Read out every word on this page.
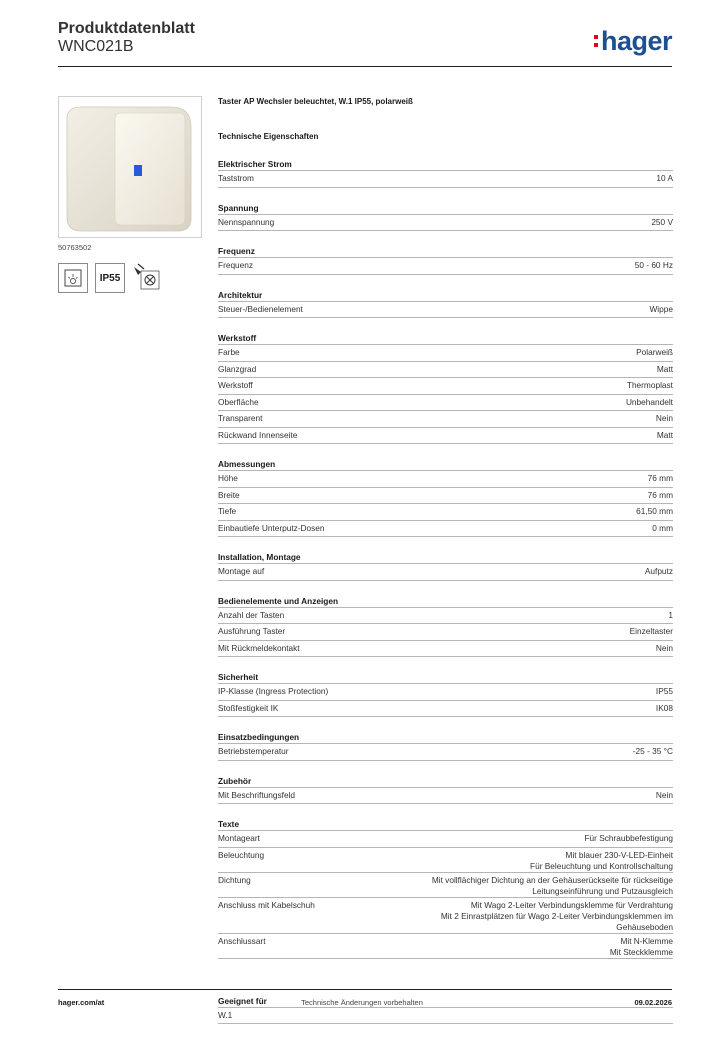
Produktdatenblatt
WNC021B	hager
50763502
IP55
Taster AP Wechsler beleuchtet, W.1 IP55, polarweiß
Technische Eigenschaften
Elektrischer Strom
Taststrom	10 A
Spannung
Nennspannung	250 V
Frequenz
Frequenz	50 - 60 Hz
Architektur
Steuer-/Bedienelement	Wippe
Werkstoff
Farbe	Polarweiß
Glanzgrad	Matt
Werkstoff	Thermoplast
Oberfläche	Unbehandelt
Transparent	Nein
Rückwand Innenseite	Matt
Abmessungen
Höhe	76 mm
Breite	76 mm
Tiefe	61,50 mm
Einbautiefe Unterputz-Dosen	0 mm
Installation, Montage
Montage auf	Aufputz
Bedienelemente und Anzeigen
Anzahl der Tasten	1
Ausführung Taster	Einzeltaster
Mit Rückmeldekontakt	Nein
Sicherheit
IP-Klasse (Ingress Protection)	IP55
Stoßfestigkeit IK	IK08
Einsatzbedingungen
Betriebstemperatur	-25 - 35 °C
Zubehör
Mit Beschriftungsfeld	Nein
Texte
Montageart	Für Schraubbefestigung
Beleuchtung	Mit blauer 230-V-LED-Einheit
Für Beleuchtung und Kontrollschaltung
Dichtung	Mit vollflächiger Dichtung an der Gehäuserückseite für rückseitige
Leitungseinführung und Putzausgleich
Anschluss mit Kabelschuh	Mit Wago 2-Leiter Verbindungsklemme für Verdrahtung
Mit 2 Einrastplätzen für Wago 2-Leiter Verbindungsklemmen im
Gehäuseboden
Anschlussart	Mit N-Klemme
Mit Steckklemme
Geeignet für
W.1
hager.com/at	Technische Änderungen vorbehalten	09.02.2026
